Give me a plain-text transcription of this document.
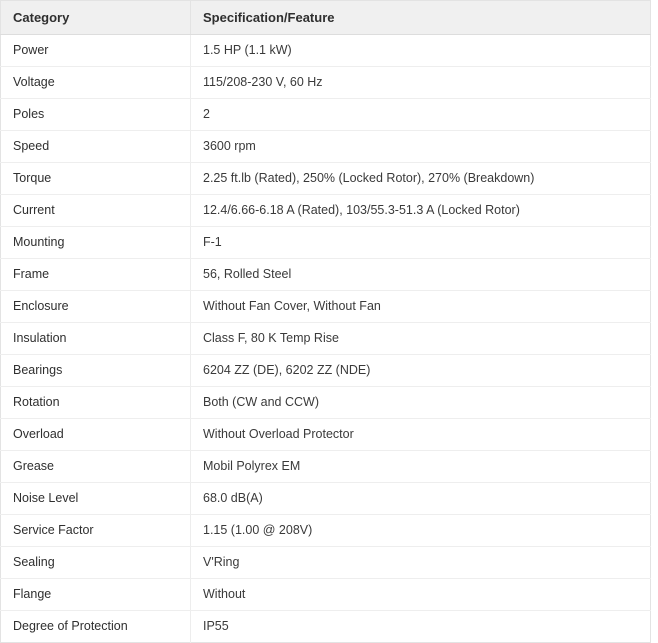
Category	Specification/Feature
Power	1.5 HP (1.1 kW)
Voltage	115/208-230 V, 60 Hz
Poles	2
Speed	3600 rpm
Torque	2.25 ft.lb (Rated), 250% (Locked Rotor), 270% (Breakdown)
Current	12.4/6.66-6.18 A (Rated), 103/55.3-51.3 A (Locked Rotor)
Mounting	F-1
Frame	56, Rolled Steel
Enclosure	Without Fan Cover, Without Fan
Insulation	Class F, 80 K Temp Rise
Bearings	6204 ZZ (DE), 6202 ZZ (NDE)
Rotation	Both (CW and CCW)
Overload	Without Overload Protector
Grease	Mobil Polyrex EM
Noise Level	68.0 dB(A)
Service Factor	1.15 (1.00 @ 208V)
Sealing	V'Ring
Flange	Without
Degree of Protection	IP55
